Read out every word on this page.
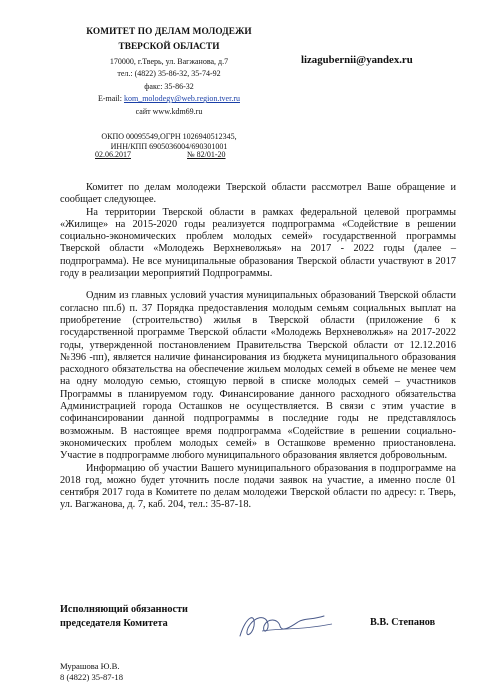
КОМИТЕТ ПО ДЕЛАМ МОЛОДЕЖИ
ТВЕРСКОЙ ОБЛАСТИ
170000, г.Тверь, ул. Вагжанова, д.7
тел.: (4822) 35-86-32, 35-74-92
факс: 35-86-32
E-mail: kom_molodegy@web.region.tver.ru
сайт www.kdm69.ru
ОКПО 00095549,ОГРН 1026940512345,
ИНН/КПП 6905036004/690301001
02.06.2017	№ 82/01-20
lizagubernii@yandex.ru

Комитет по делам молодежи Тверской области рассмотрел Ваше обращение и сообщает следующее.

На территории Тверской области в рамках федеральной целевой программы «Жилище» на 2015-2020 годы реализуется подпрограмма «Содействие в решении социально-экономических проблем молодых семей» государственной программы Тверской области «Молодежь Верхневолжья» на 2017 - 2022 годы (далее – подпрограмма). Не все муниципальные образования Тверской области участвуют в 2017 году в реализации мероприятий Подпрограммы.

Одним из главных условий участия муниципальных образований Тверской области согласно пп.б) п. 37 Порядка предоставления молодым семьям социальных выплат на приобретение (строительство) жилья в Тверской области (приложение 6 к государственной программе Тверской области «Молодежь Верхневолжья» на 2017-2022 годы, утвержденной постановлением Правительства Тверской области от 12.12.2016 №396 -пп), является наличие финансирования из бюджета муниципального образования расходного обязательства на обеспечение жильем молодых семей в объеме не менее чем на одну молодую семью, стоящую первой в списке молодых семей – участников Программы в планируемом году. Финансирование данного расходного обязательства Администрацией города Осташков не осуществляется. В связи с этим участие в софинансировании данной подпрограммы в последние годы не представлялось возможным. В настоящее время подпрограмма «Содействие в решении социально-экономических проблем молодых семей» в Осташкове временно приостановлена. Участие в подпрограмме любого муниципального образования является добровольным.

Информацию об участии Вашего муниципального образования в подпрограмме на 2018 год, можно будет уточнить после подачи заявок на участие, а именно после 01 сентября 2017 года в Комитете по делам молодежи Тверской области по адресу: г. Тверь, ул. Вагжанова, д. 7, каб. 204, тел.: 35-87-18.

Исполняющий обязанности
председателя Комитета	В.В. Степанов
Мурашова Ю.В.
8 (4822) 35-87-18
